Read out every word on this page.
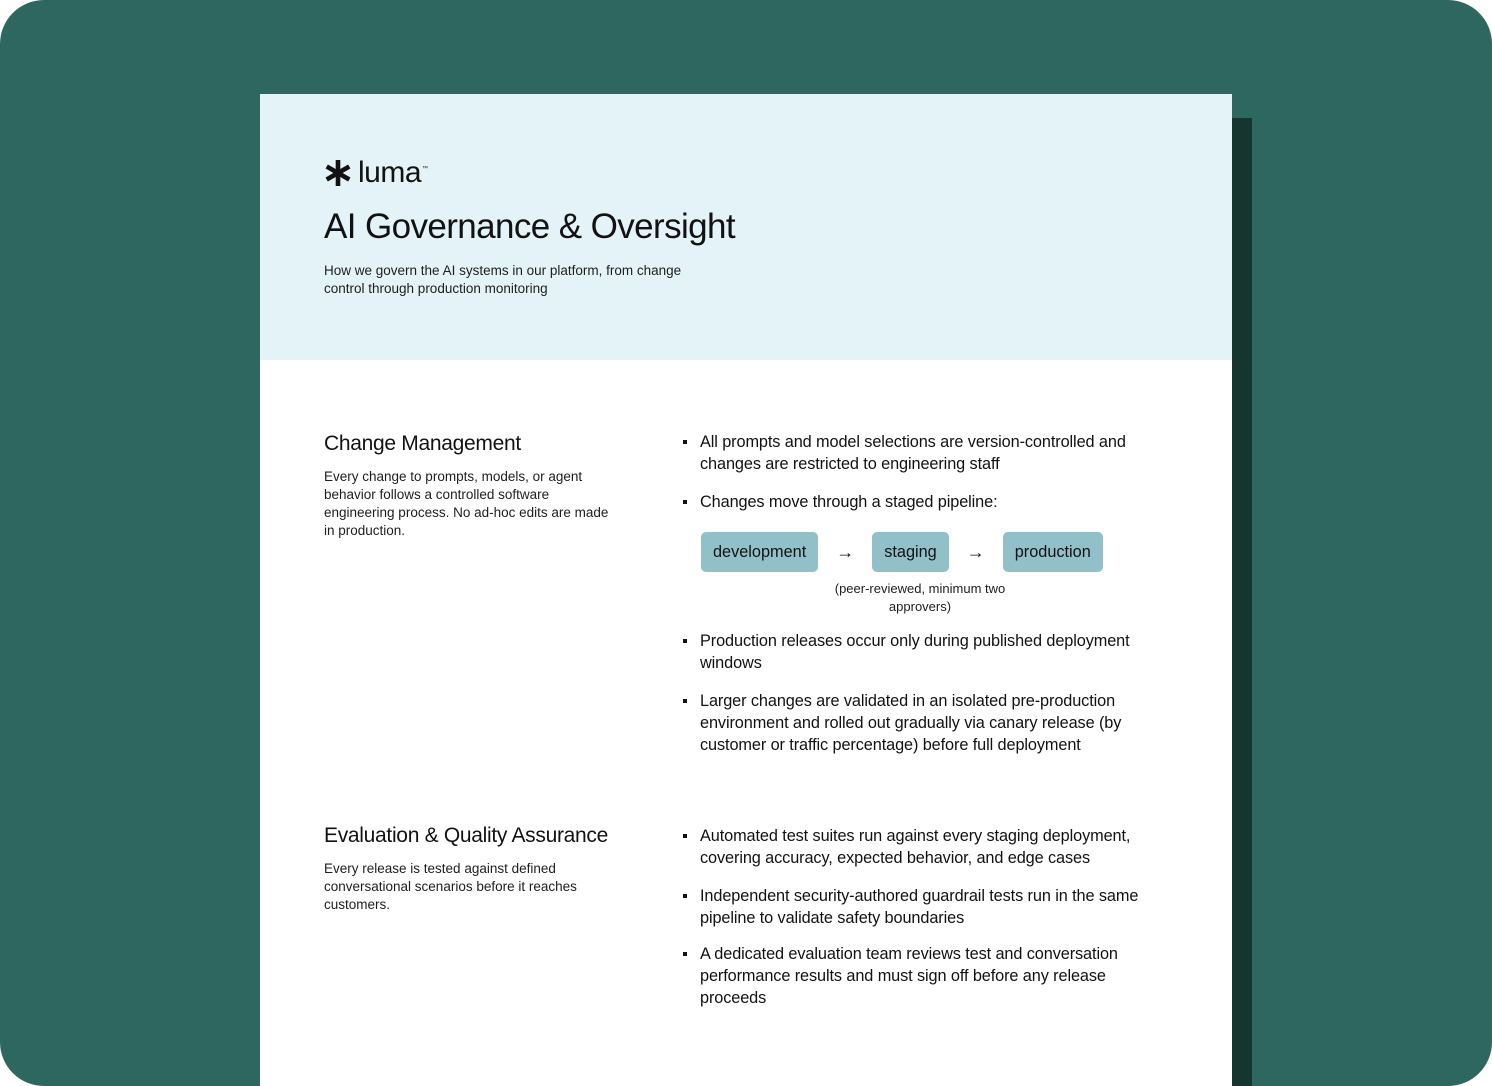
luma ™
AI Governance & Oversight

How we govern the AI systems in our platform, from change control through production monitoring

Change Management

Every change to prompts, models, or agent behavior follows a controlled software engineering process. No ad-hoc edits are made in production.

All prompts and model selections are version-controlled and changes are restricted to engineering staff
Changes move through a staged pipeline:
development	→	staging	→	production
(peer-reviewed, minimum two approvers)
Production releases occur only during published deployment windows
Larger changes are validated in an isolated pre-production environment and rolled out gradually via canary release (by customer or traffic percentage) before full deployment
Evaluation & Quality Assurance

Every release is tested against defined conversational scenarios before it reaches customers.

Automated test suites run against every staging deployment, covering accuracy, expected behavior, and edge cases
Independent security-authored guardrail tests run in the same pipeline to validate safety boundaries
A dedicated evaluation team reviews test and conversation performance results and must sign off before any release proceeds
